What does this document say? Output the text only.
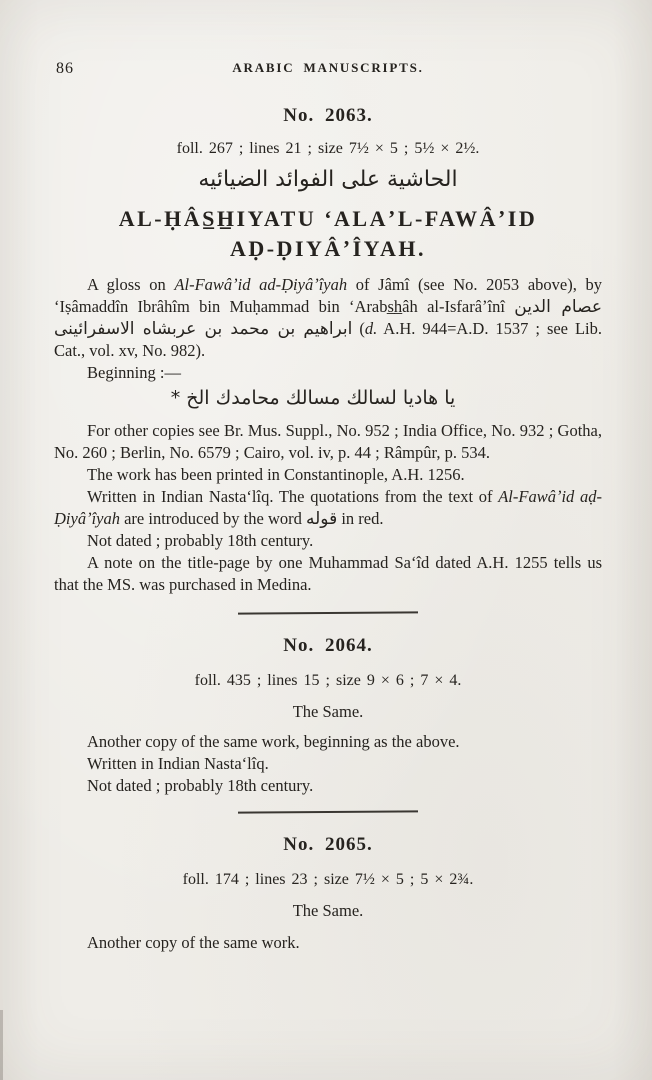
86	ARABIC MANUSCRIPTS.
No. 2063.

foll. 267 ; lines 21 ; size 7½ × 5 ; 5½ × 2½.

الحاشية على الفوائد الضيائيه

AL-ḤÂS̲H̲IYATU ʻALAʼL-FAWÂʼID
AḌ-ḌIYÂʼÎYAH.

A gloss on Al-Fawâʼid ad-Ḍiyâʼîyah of Jâmî (see No. 2053 above), by ʻIṣâmaddîn Ibrâhîm bin Muḥammad bin ʻArabs̲h̲âh al-Isfarâʼînî عصام الدين ابراهيم بن محمد بن عربشاه الاسفرائينى (d. A.H. 944=A.D. 1537 ; see Lib. Cat., vol. xv, No. 982).

Beginning :—

يا هاديا لسالك مسالك محامدك الخ *

For other copies see Br. Mus. Suppl., No. 952 ; India Office, No. 932 ; Gotha, No. 260 ; Berlin, No. 6579 ; Cairo, vol. iv, p. 44 ; Râmpûr, p. 534.

The work has been printed in Constantinople, A.H. 1256.

Written in Indian Nastaʻlîq. The quotations from the text of Al-Fawâʼid aḍ-Ḍiyâʼîyah are introduced by the word قوله in red.

Not dated ; probably 18th century.

A note on the title-page by one Muhammad Saʻîd dated A.H. 1255 tells us that the MS. was purchased in Medina.

No. 2064.

foll. 435 ; lines 15 ; size 9 × 6 ; 7 × 4.

The Same.

Another copy of the same work, beginning as the above.

Written in Indian Nastaʻlîq.

Not dated ; probably 18th century.

No. 2065.

foll. 174 ; lines 23 ; size 7½ × 5 ; 5 × 2¾.

The Same.

Another copy of the same work.
